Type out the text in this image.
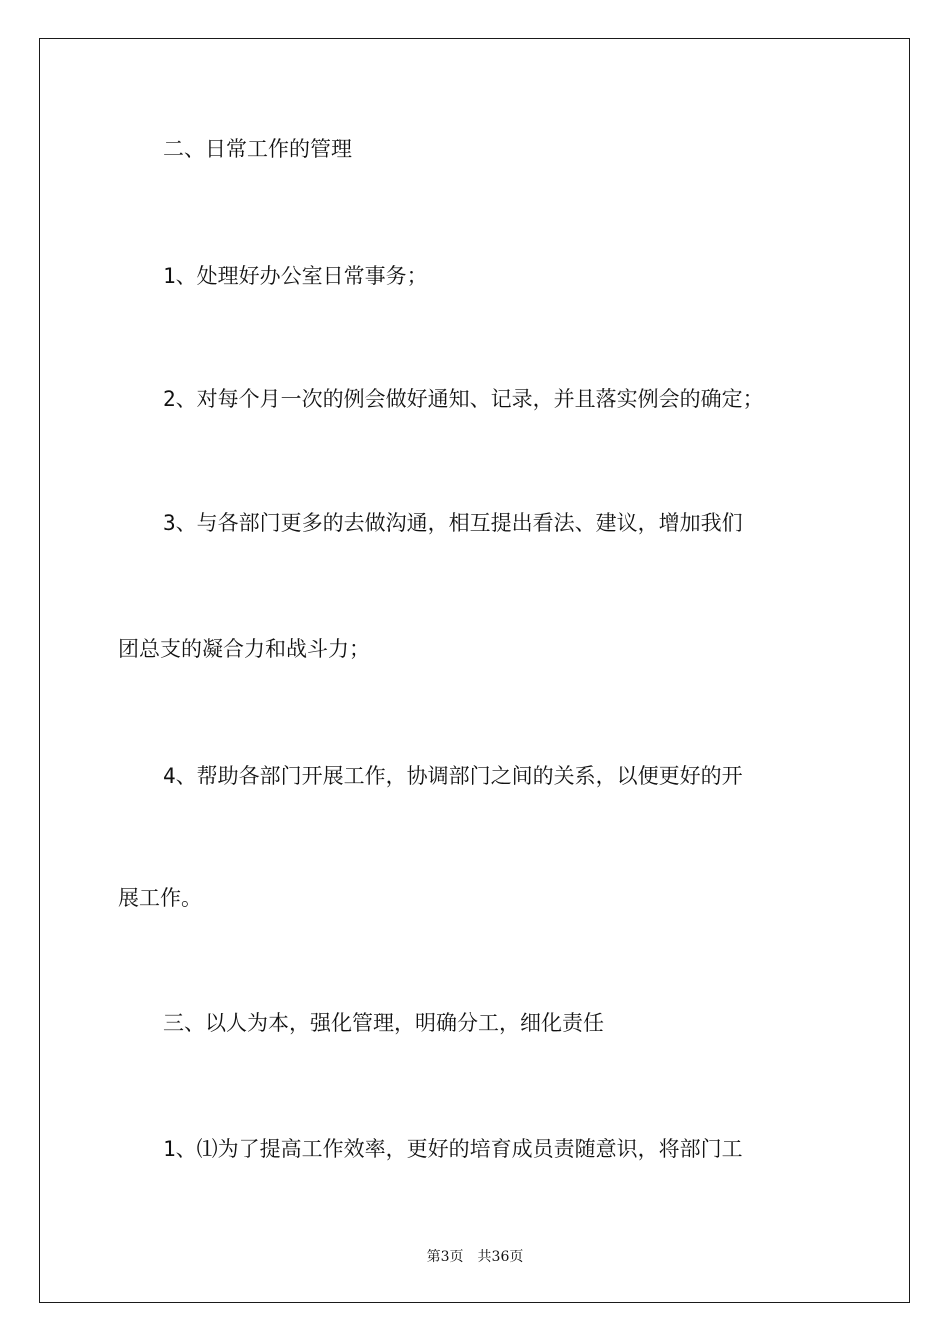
二、日常工作的管理
1、处理好办公室日常事务；
2、对每个月一次的例会做好通知、记录，并且落实例会的确定；
3、与各部门更多的去做沟通，相互提出看法、建议，增加我们
团总支的凝合力和战斗力；
4、帮助各部门开展工作，协调部门之间的关系，以便更好的开
展工作。
三、以人为本，强化管理，明确分工，细化责任
1、⑴为了提高工作效率，更好的培育成员责随意识，将部门工
第3页　共36页
